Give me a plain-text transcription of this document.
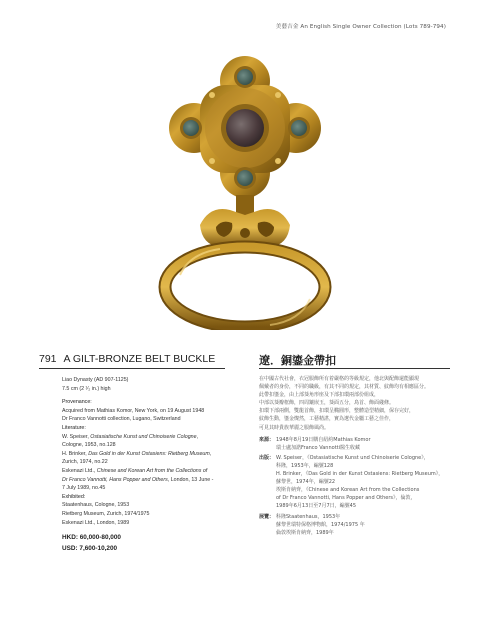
美藝吉金 An English Single Owner Collection (Lots 789-794)
791 A GILT-BRONZE BELT BUCKLE	遼．銅鎏金帶扣

Liao Dynasty (AD 907-1125)

7.5 cm (2 ¹⁄₂ in.) high

Provenance:

Acquired from Mathias Komor, New York, on 19 August 1948

Dr Franco Vannotti collection, Lugano, Switzerland

Literature:

W. Speiser, Ostasiatische Kunst und Chinoiserie Cologne,

Cologne, 1953, no.128

H. Brinker, Das Gold in der Kunst Ostasiens: Rietberg Museum,

Zurich, 1974, no.22

Eskenazi Ltd., Chinese and Korean Art from the Collections of

Dr Franco Vannotti, Hans Popper and Others, London, 13 June -

7 July 1989, no.45

Exhibited:

Staatenhaus, Cologne, 1953

Rietberg Museum, Zurich, 1974/1975

Eskenazi Ltd., London, 1989

HKD: 60,000-80,000

USD: 7,600-10,200

在中國古代社會，衣冠服飾所有着嚴格的等級規定，他北與配飾還能顯現

佩戴者的身份，不同的職級，有其不同的規定，其材質、紋飾均有相應區分。

此帶扣鎏金，由上部葵角形座及下部扣環兩部份組成，

中部以葵瓣框飾，四周鑲嵌玉，葵面五分，鳥首、飾面綫條。

扣環下部兩側，雙龍首飾，扣環呈橢圓形，整體造型精細，保存完好，

紋飾生動，鎏金燦然，工藝精湛，實為遼代金屬工藝之佳作，

可見其時貴族華麗之服飾風尚。

來源： 1948年8月19日購自紐約Mathias Komor

瑞士盧加諾Franco Vannotti醫生收藏

出版： W. Speiser，《Ostasiatische Kunst und Chinoiserie Cologne》，

科隆，1953年，編號128

H. Brinker，《Das Gold in der Kunst Ostasiens: Rietberg Museum》，

蘇黎世，1974年，編號22

埃斯肯納齊，《Chinese and Korean Art from the Collections

of Dr Franco Vannotti, Hans Popper and Others》，倫敦，

1989年6月13日至7月7日，編號45

展覽： 科隆Staatenhaus，1953年

蘇黎世瑞特保格博物館，1974/1975 年

倫敦埃斯肯納齊，1989年
